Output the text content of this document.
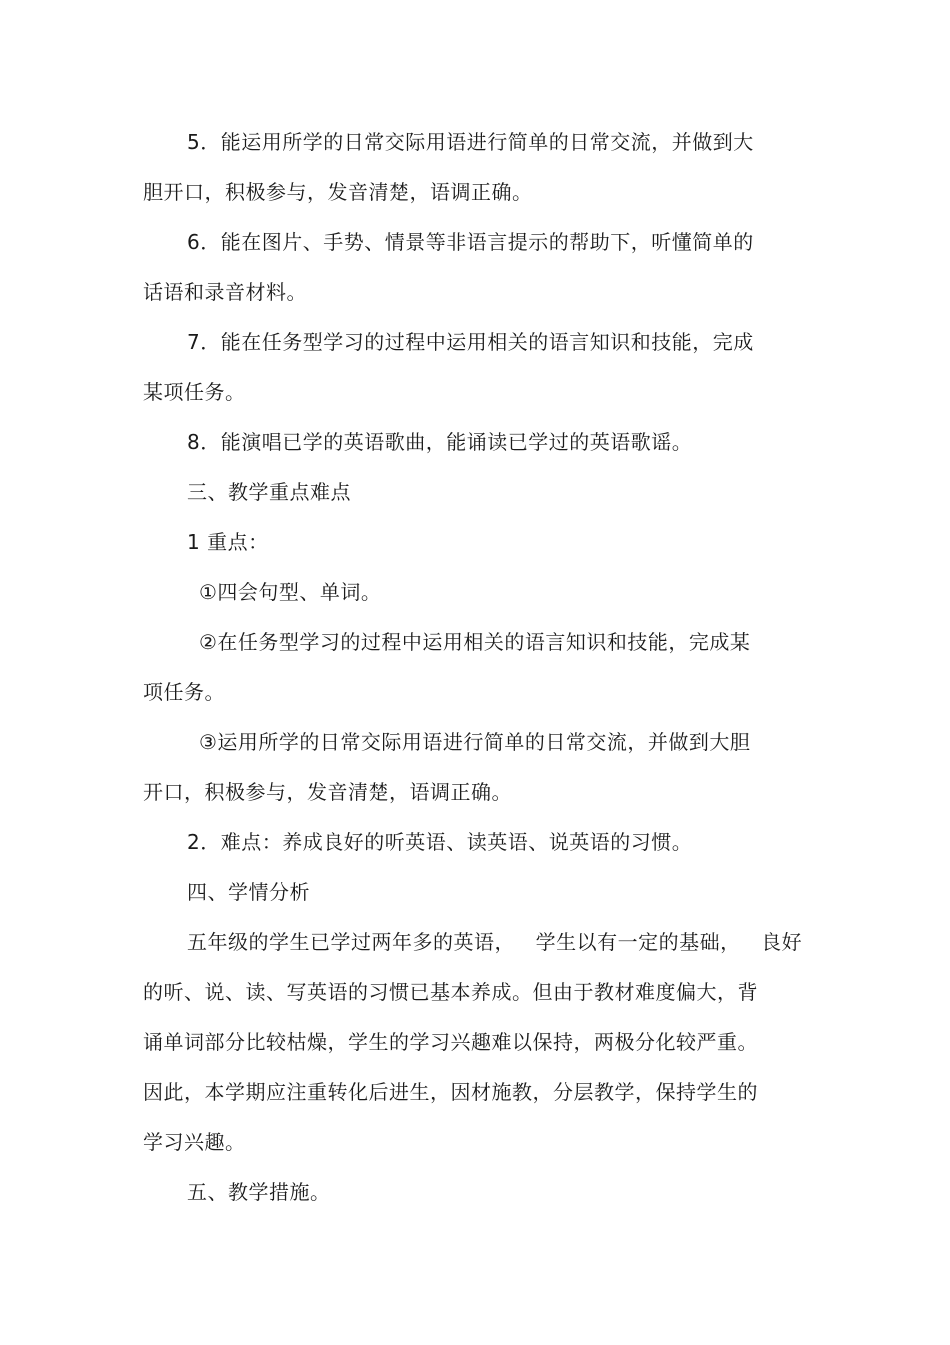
5．能运用所学的日常交际用语进行简单的日常交流，并做到大
胆开口，积极参与，发音清楚，语调正确。
6．能在图片、手势、情景等非语言提示的帮助下，听懂简单的
话语和录音材料。
7．能在任务型学习的过程中运用相关的语言知识和技能，完成
某项任务。
8．能演唱已学的英语歌曲，能诵读已学过的英语歌谣。
三、教学重点难点
1 重点：
①四会句型、单词。
②在任务型学习的过程中运用相关的语言知识和技能，完成某
项任务。
③运用所学的日常交际用语进行简单的日常交流，并做到大胆
开口，积极参与，发音清楚，语调正确。
2．难点：养成良好的听英语、读英语、说英语的习惯。
四、学情分析
五年级的学生已学过两年多的英语，   学生以有一定的基础，   良好
的听、说、读、写英语的习惯已基本养成。但由于教材难度偏大，背
诵单词部分比较枯燥，学生的学习兴趣难以保持，两极分化较严重。
因此，本学期应注重转化后进生，因材施教，分层教学，保持学生的
学习兴趣。
五、教学措施。
